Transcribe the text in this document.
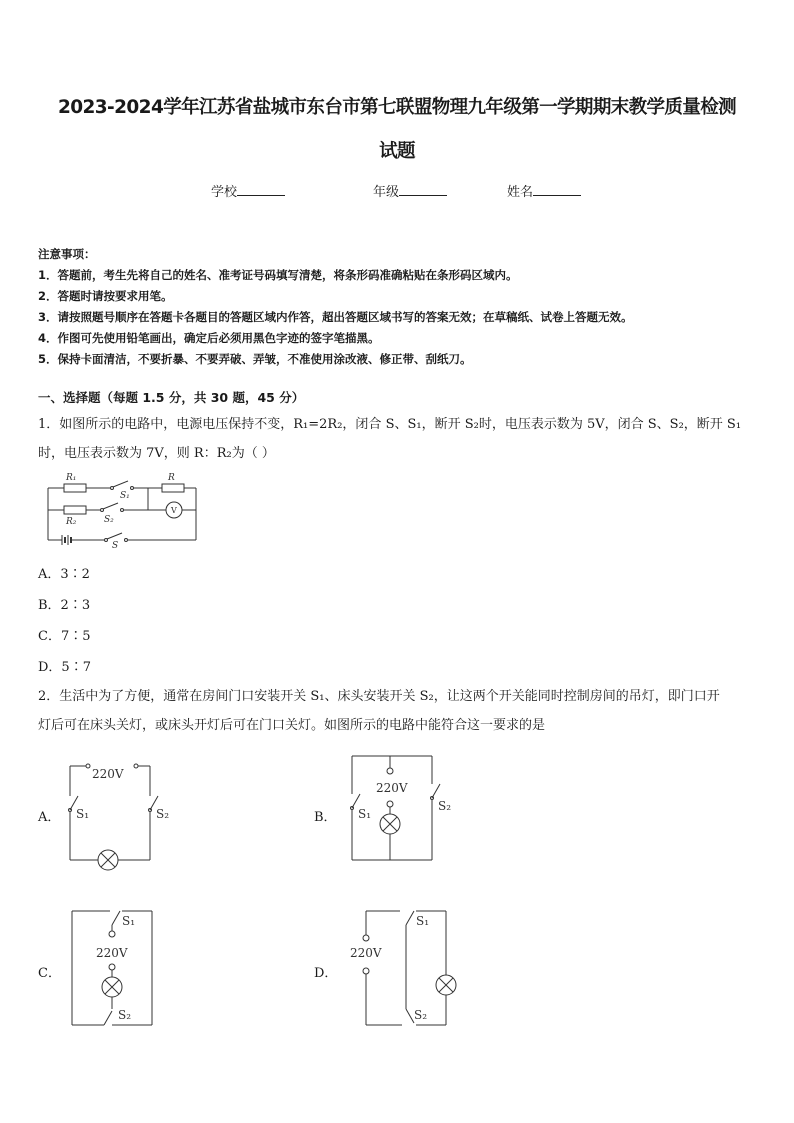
2023-2024学年江苏省盐城市东台市第七联盟物理九年级第一学期期末教学质量检测
试题
学校	年级	姓名
注意事项：
1．答题前，考生先将自己的姓名、准考证号码填写清楚，将条形码准确粘贴在条形码区域内。
2．答题时请按要求用笔。
3．请按照题号顺序在答题卡各题目的答题区域内作答，超出答题区域书写的答案无效；在草稿纸、试卷上答题无效。
4．作图可先使用铅笔画出，确定后必须用黑色字迹的签字笔描黑。
5．保持卡面清洁，不要折暴、不要弄破、弄皱，不准使用涂改液、修正带、刮纸刀。
一、选择题（每题 1.5 分，共 30 题，45 分）
1．如图所示的电路中，电源电压保持不变，R₁=2R₂，闭合 S、S₁，断开 S₂时，电压表示数为 5V，闭合 S、S₂，断开 S₁
时，电压表示数为 7V，则 R：R₂为（ ）
R₁
S₁
R
R₂	S₂
S
V
A．3∶2
B．2∶3
C．7∶5
D．5∶7
2．生活中为了方便，通常在房间门口安装开关 S₁、床头安装开关 S₂，让这两个开关能同时控制房间的吊灯，即门口开
灯后可在床头关灯，或床头开灯后可在门口关灯。如图所示的电路中能符合这一要求的是
A．
220V
S₁	S₂	B．
220V
S₁
S₂
C．
S₁
220V
S₂
D．
S₁
220V
S₂
